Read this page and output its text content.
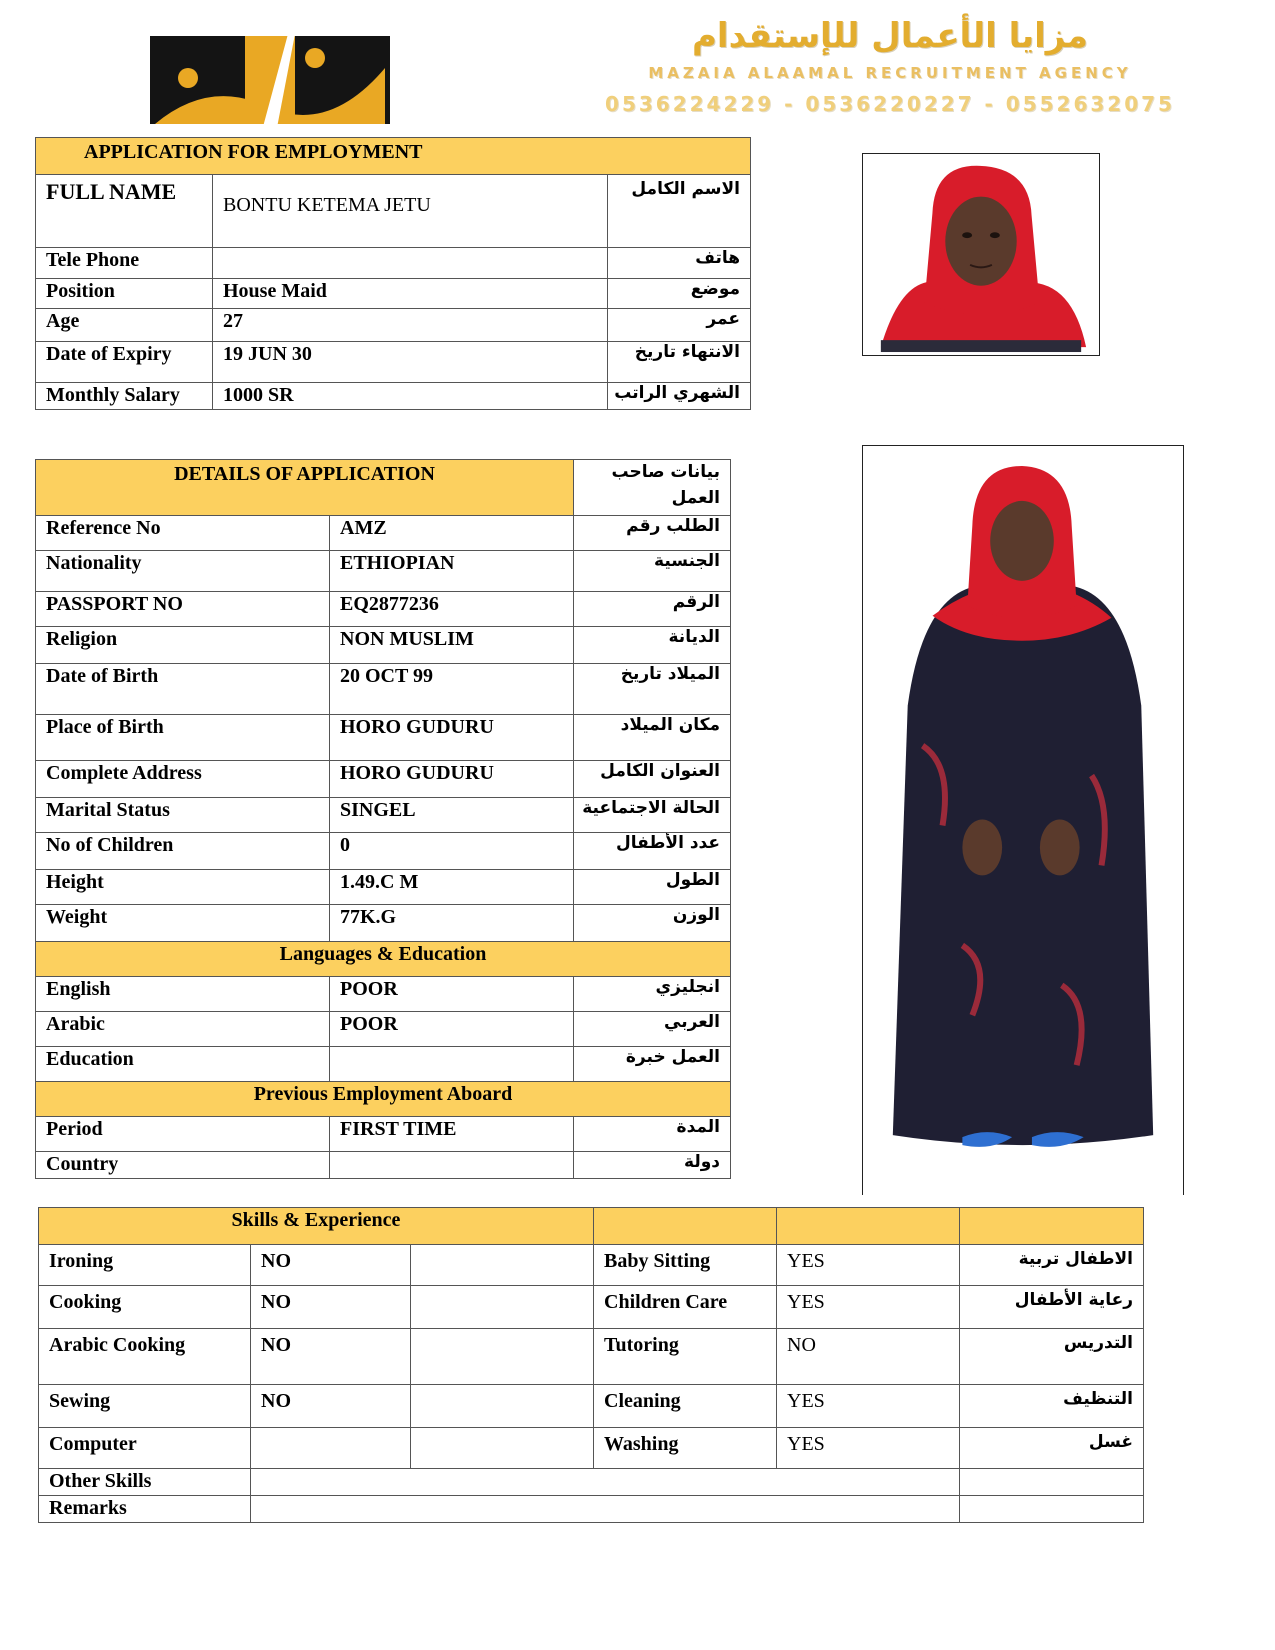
مزايا الأعمال للإستقدام
MAZAIA ALAAMAL RECRUITMENT AGENCY
0536224229 - 0536220227 - 0552632075
APPLICATION FOR EMPLOYMENT		
FULL NAME	BONTU KETEMA JETU	الاسم الكامل
Tele Phone		هاتف
Position	House Maid	موضع
Age	27	عمر
Date of Expiry	19 JUN 30	الانتهاء تاريخ
Monthly Salary	1000 SR	الشهري الراتب
DETAILS OF APPLICATION		بيانات صاحب العمل
Reference No	AMZ	الطلب رقم
Nationality	ETHIOPIAN	الجنسية
PASSPORT NO	EQ2877236	الرقم
Religion	NON MUSLIM	الديانة
Date of Birth	20 OCT 99	الميلاد تاريخ
Place of Birth	HORO GUDURU	مكان الميلاد
Complete Address	HORO GUDURU	العنوان الكامل
Marital Status	SINGEL	الحالة الاجتماعية
No of Children	0	عدد الأطفال
Height	1.49.C M	الطول
Weight	77K.G	الوزن
Languages & Education		
English	POOR	انجليزي
Arabic	POOR	العربي
Education		العمل خبرة
Previous Employment Aboard		
Period	FIRST TIME	المدة
Country		دولة
Skills & Experience					
Ironing	NO		Baby Sitting	YES	الاطفال تربية
Cooking	NO		Children Care	YES	رعاية الأطفال
Arabic Cooking	NO		Tutoring	NO	التدريس
Sewing	NO		Cleaning	YES	التنظيف
Computer			Washing	YES	غسل
Other Skills					
Remarks					
